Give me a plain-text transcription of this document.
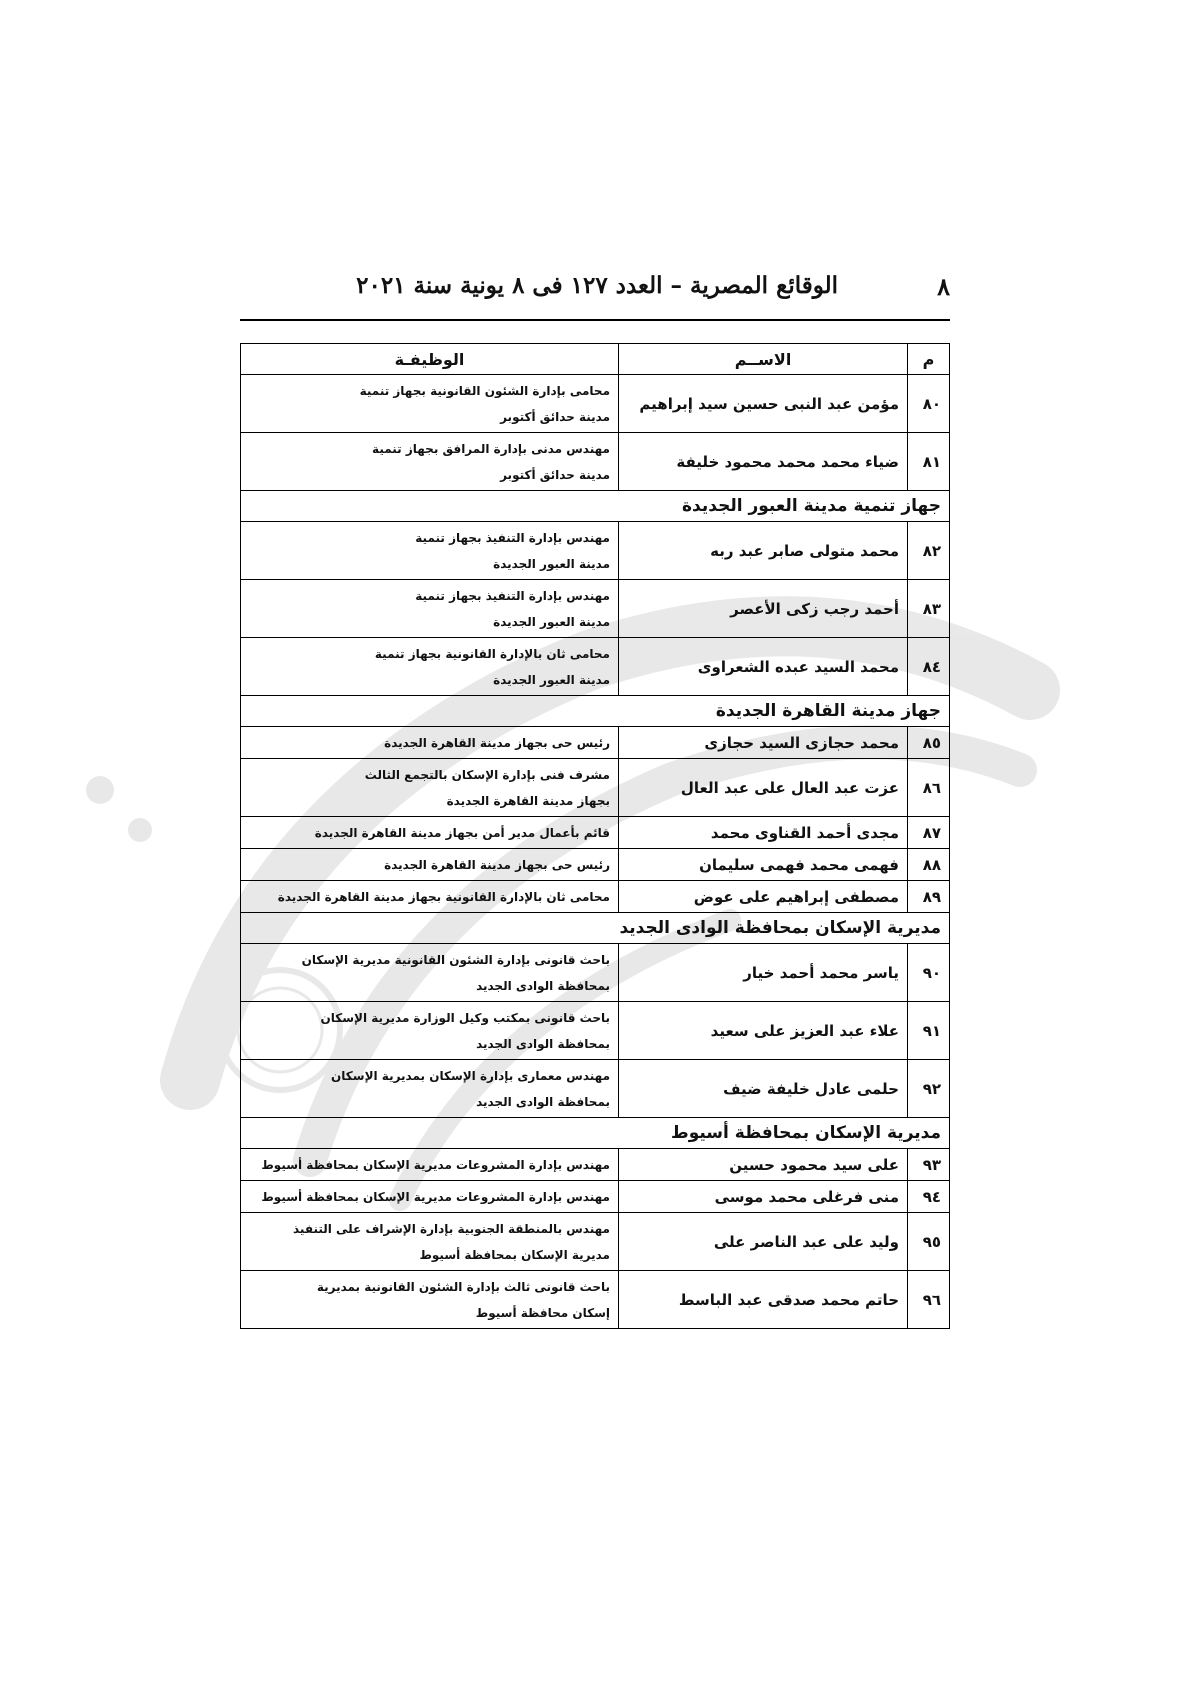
٨
الوقائع المصرية – العدد ١٢٧ فى ٨ يونية سنة ٢٠٢١
م	الاســم	الوظيفـة
٨٠	مؤمن عبد النبى حسين سيد إبراهيم	محامى بإدارة الشئون القانونية بجهاز تنمية
مدينة حدائق أكتوبر

٨١	ضياء محمد محمد محمود خليفة	مهندس مدنى بإدارة المرافق بجهاز تنمية
مدينة حدائق أكتوبر

جهاز تنمية مدينة العبور الجديدة		
٨٢	محمد متولى صابر عبد ربه	مهندس بإدارة التنفيذ بجهاز تنمية
مدينة العبور الجديدة

٨٣	أحمد رجب زكى الأعصر	مهندس بإدارة التنفيذ بجهاز تنمية
مدينة العبور الجديدة

٨٤	محمد السيد عبده الشعراوى	محامى ثان بالإدارة القانونية بجهاز تنمية
مدينة العبور الجديدة

جهاز مدينة القاهرة الجديدة		
٨٥	محمد حجازى السيد حجازى	رئيس حى بجهاز مدينة القاهرة الجديدة

٨٦	عزت عبد العال على عبد العال	مشرف فنى بإدارة الإسكان بالتجمع الثالث
بجهاز مدينة القاهرة الجديدة

٨٧	مجدى أحمد القناوى محمد	قائم بأعمال مدير أمن بجهاز مدينة القاهرة الجديدة

٨٨	فهمى محمد فهمى سليمان	رئيس حى بجهاز مدينة القاهرة الجديدة

٨٩	مصطفى إبراهيم على عوض	محامى ثان بالإدارة القانونية بجهاز مدينة القاهرة الجديدة

مديرية الإسكان بمحافظة الوادى الجديد		
٩٠	ياسر محمد أحمد خيار	باحث قانونى بإدارة الشئون القانونية مديرية الإسكان
بمحافظة الوادى الجديد

٩١	علاء عبد العزيز على سعيد	باحث قانونى بمكتب وكيل الوزارة مديرية الإسكان
بمحافظة الوادى الجديد

٩٢	حلمى عادل خليفة ضيف	مهندس معمارى بإدارة الإسكان بمديرية الإسكان
بمحافظة الوادى الجديد

مديرية الإسكان بمحافظة أسيوط		
٩٣	على سيد محمود حسين	مهندس بإدارة المشروعات مديرية الإسكان بمحافظة أسيوط

٩٤	منى فرغلى محمد موسى	مهندس بإدارة المشروعات مديرية الإسكان بمحافظة أسيوط

٩٥	وليد على عبد الناصر على	مهندس بالمنطقة الجنوبية بإدارة الإشراف على التنفيذ
مديرية الإسكان بمحافظة أسيوط

٩٦	حاتم محمد صدقى عبد الباسط	باحث قانونى ثالث بإدارة الشئون القانونية بمديرية
إسكان محافظة أسيوط
